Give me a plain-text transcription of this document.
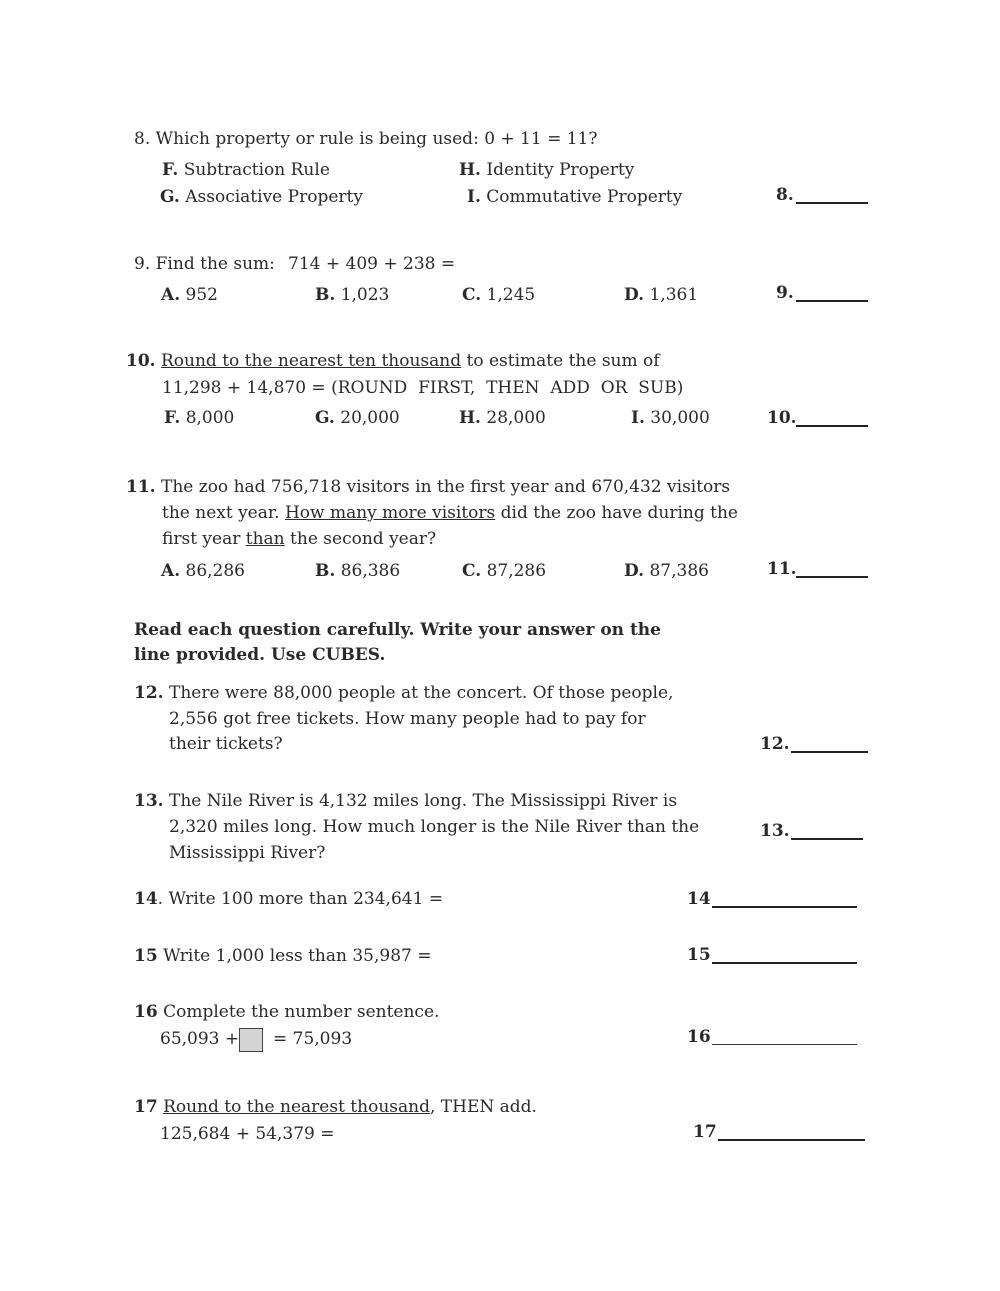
8. Which property or rule is being used: 0 + 11 = 11?
F. Subtraction Rule	H. Identity Property
G. Associative Property	I. Commutative Property	8.
9. Find the sum: 714 + 409 + 238 =
A. 952	B. 1,023	C. 1,245	D. 1,361	9.
10. Round to the nearest ten thousand to estimate the sum of
11,298 + 14,870 = (ROUND  FIRST,  THEN  ADD  OR  SUB)
F. 8,000	G. 20,000	H. 28,000	I. 30,000	10.
11. The zoo had 756,718 visitors in the first year and 670,432 visitors
the next year. How many more visitors did the zoo have during the
first year than the second year?
A. 86,286	B. 86,386	C. 87,286	D. 87,386	11.
Read each question carefully. Write your answer on the
line provided. Use CUBES.
12. There were 88,000 people at the concert. Of those people,
2,556 got free tickets. How many people had to pay for
their tickets?	12.
13. The Nile River is 4,132 miles long. The Mississippi River is
2,320 miles long. How much longer is the Nile River than the
Mississippi River?
13.
14. Write 100 more than 234,641 =	14
15 Write 1,000 less than 35,987 =	15
16 Complete the number sentence.
65,093 + = 75,093	16
17 Round to the nearest thousand, THEN add.
125,684 + 54,379 =	17
